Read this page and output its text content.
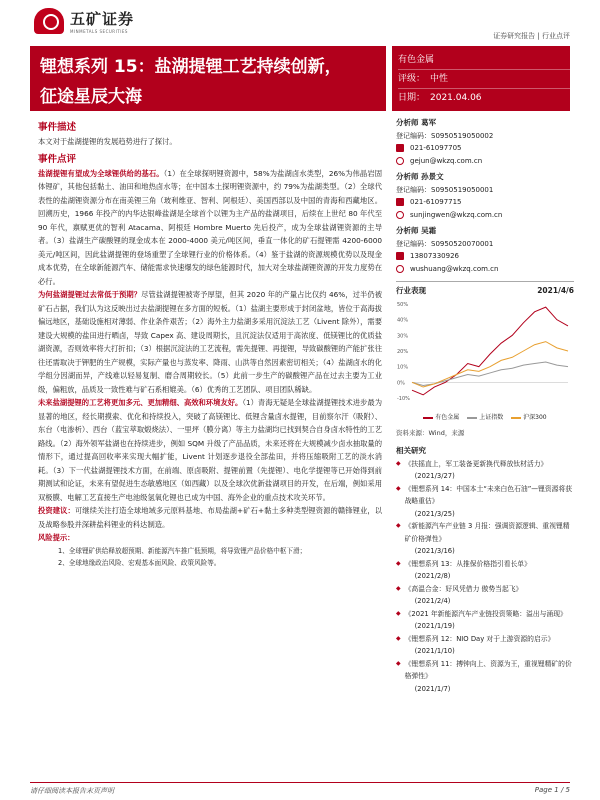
五矿证券
MINMETALS SECURITIES
证券研究报告 | 行业点评
锂想系列 15：盐湖提锂工艺持续创新，
征途星辰大海
有色金属
评级： 中性
日期： 2021.04.06
事件描述
本文对于盐湖提锂的发展趋势进行了探讨。
事件点评
盐湖提锂有望成为全球锂供给的基石。（1）在全球探明锂资源中，58%为盐湖卤水类型，26%为伟晶岩固体锂矿，其他包括黏土、油田和地热卤水等；在中国本土探明锂资源中，约 79%为盐湖类型。（2）全球代表性的盐湖锂资源分布在南美锂三角（玻利维亚、智利、阿根廷）、美国西部以及中国的青海和西藏地区。回溯历史，1966 年投产的内华达银峰盐湖是全球首个以锂为主产品的盐湖项目，后续在上世纪 80 年代至 90 年代，禀赋更优的智利 Atacama、阿根廷 Hombre Muerto 先后投产，成为全球盐湖锂资源的主导者。（3）盐湖生产碳酸锂的现金成本在 2000-4000 美元/吨区间，垂直一体化的矿石提锂需 4200-6000 美元/吨区间，因此盐湖提锂的登场重塑了全球锂行业的价格体系。（4）鉴于盐湖的资源规模优势以及现金成本优势，在全球新能源汽车、储能需求快速爆发的绿色能源时代，加大对全球盐湖锂资源的开发力度势在必行。
为何盐湖提锂过去常低于预期？尽管盐湖提锂被寄予厚望，但其 2020 年的产量占比仅约 46%，过半仍被矿石占据，我们认为这反映出过去盐湖提锂在多方面的短板。（1）盐湖主要形成于封闭盆地，皆位于高海拔偏远地区，基础设施相对薄弱、作业条件艰苦；（2）海外主力盐湖多采用沉淀法工艺（Livent 除外），需要建设大规模的盐田进行晒卤，导致 Capex 高、建设周期长，且沉淀法仅适用于高浓度、低镁锂比的优质盐湖资源，否则效率将大打折扣；（3）根据沉淀法的工艺流程，需先提锂、再提锂，导致碳酸锂的产能扩张往往还需取决于钾肥的生产规模，实际产量也与蒸发率、降雨、山洪等自然因素密切相关；（4）盐湖卤水的化学组分因湖而异，产线难以轻易复制、磨合周期较长。（5）此前一步生产的碳酸锂产品在过去主要为工业级，偏粗放，品质及一致性难与矿石系相媲美。（6）优秀的工艺团队、项目团队稀缺。
未来盐湖提锂的工艺将更加多元、更加精细、高效和环境友好。（1）青海无疑是全球盐湖提锂技术进步最为显著的地区，经长期摸索、优化和持续投入，突破了高镁锂比、低锂含量卤水提锂，目前察尔汗（吸附）、东台（电渗析）、西台（蓝宝萃取煅烧法）、一里坪（膜分离）等主力盐湖均已找到契合自身卤水特性的工艺路线。（2）海外领军盐湖也在持续进步，例如 SQM 升级了产品品质，未来还将在大规模减少卤水抽取量的情形下，通过提高回收率来实现大幅扩能，Livent 计划逐步退役全部盐田，并将压缩吸附工艺的淡水消耗。（3）下一代盐湖提锂技术方面，在前端、原卤吸附、提锂前置（先提锂）、电化学提锂等已开始得到前期测试和论证，未来有望促进生态敏感地区（如西藏）以及全球次优新盐湖项目的开发，在后端，例如采用双极膜、电解工艺直接生产电池级氢氧化锂也已成为中国、海外企业的重点技术攻关环节。
投资建议：可继续关注打造全球地域多元原料基地、布局盐湖+矿石+黏土多种类型锂资源的赣锋锂业，以及战略参股并深耕盐科锂业的科达制造。
风险提示：
1、全球锂矿供给释放超预期、新能源汽车推广低预期，将导致锂产品价格中枢下滑；
2、全球地缘政治风险、宏观基本面风险、政策风险等。
分析师 葛军
登记编码：S0950519050002
021-61097705
gejun@wkzq.com.cn
分析师 孙景文
登记编码：S0950519050001
021-61097715
sunjingwen@wkzq.com.cn
分析师 吴霜
登记编码：S0950520070001
13807330926
wushuang@wkzq.com.cn
行业表现	2021/4/6
-10%
0%
10%
20%
30%
40%
50%
有色金属	上证指数	沪深300
资料来源：Wind，来源
相关研究
◆ 《扶摇直上，军工装备更新换代释放钛材活力》
(2021/3/27)
◆ 《锂想系列 14：中国本土“未来白色石油”—锂资源将获战略重估》
(2021/3/25)
◆ 《新能源汽车产业链 3 月报：强调资源逻辑、重视锂精矿价格弹性》
(2021/3/16)
◆ 《锂想系列 13：从推保价格指引看长单》
(2021/2/8)
◆ 《高温合金：好风凭借力 傲势当起飞》
(2021/2/4)
◆ 《2021 年新能源汽车产业链投资策略：溢出与涌现》
(2021/1/19)
◆ 《锂想系列 12：NIO Day 对于上游资源的启示》
(2021/1/10)
◆ 《锂想系列 11：搏钟向上、资源为王，重视锂精矿的价格弹性》
(2021/1/7)
请仔细阅读本报告末页声明	Page 1 / 5
